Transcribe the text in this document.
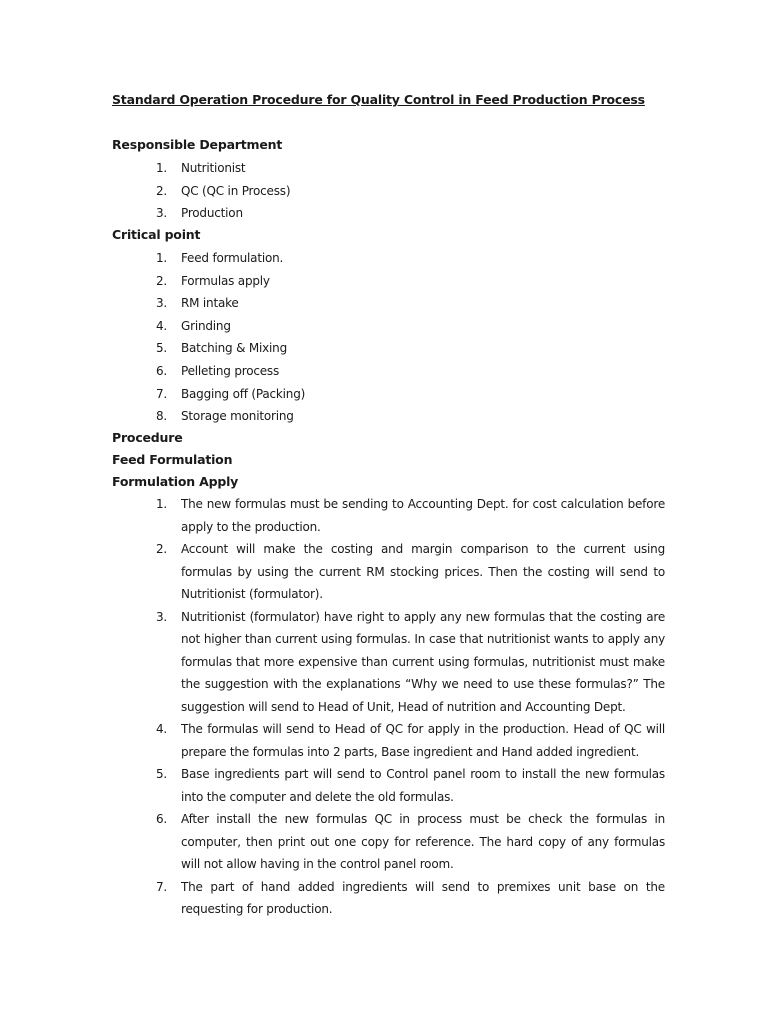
Standard Operation Procedure for Quality Control in Feed Production Process
Responsible Department
1.	Nutritionist
2.	QC (QC in Process)
3.	Production
Critical point
1.	Feed formulation.
2.	Formulas apply
3.	RM intake
4.	Grinding
5.	Batching & Mixing
6.	Pelleting process
7.	Bagging off (Packing)
8.	Storage monitoring
Procedure
Feed Formulation
Formulation Apply
1.	The new formulas must be sending to Accounting Dept. for cost calculation before apply to the production.
2.	Account will make the costing and margin comparison to the current using formulas by using the current RM stocking prices. Then the costing will send to Nutritionist (formulator).
3.	Nutritionist (formulator) have right to apply any new formulas that the costing are not higher than current using formulas. In case that nutritionist wants to apply any formulas that more expensive than current using formulas, nutritionist must make the suggestion with the explanations “Why we need to use these formulas?” The suggestion will send to Head of Unit, Head of nutrition and Accounting Dept.
4.	The formulas will send to Head of QC for apply in the production. Head of QC will prepare the formulas into 2 parts, Base ingredient and Hand added ingredient.
5.	Base ingredients part will send to Control panel room to install the new formulas into the computer and delete the old formulas.
6.	After install the new formulas QC in process must be check the formulas in computer, then print out one copy for reference. The hard copy of any formulas will not allow having in the control panel room.
7.	The part of hand added ingredients will send to premixes unit base on the requesting for production.
